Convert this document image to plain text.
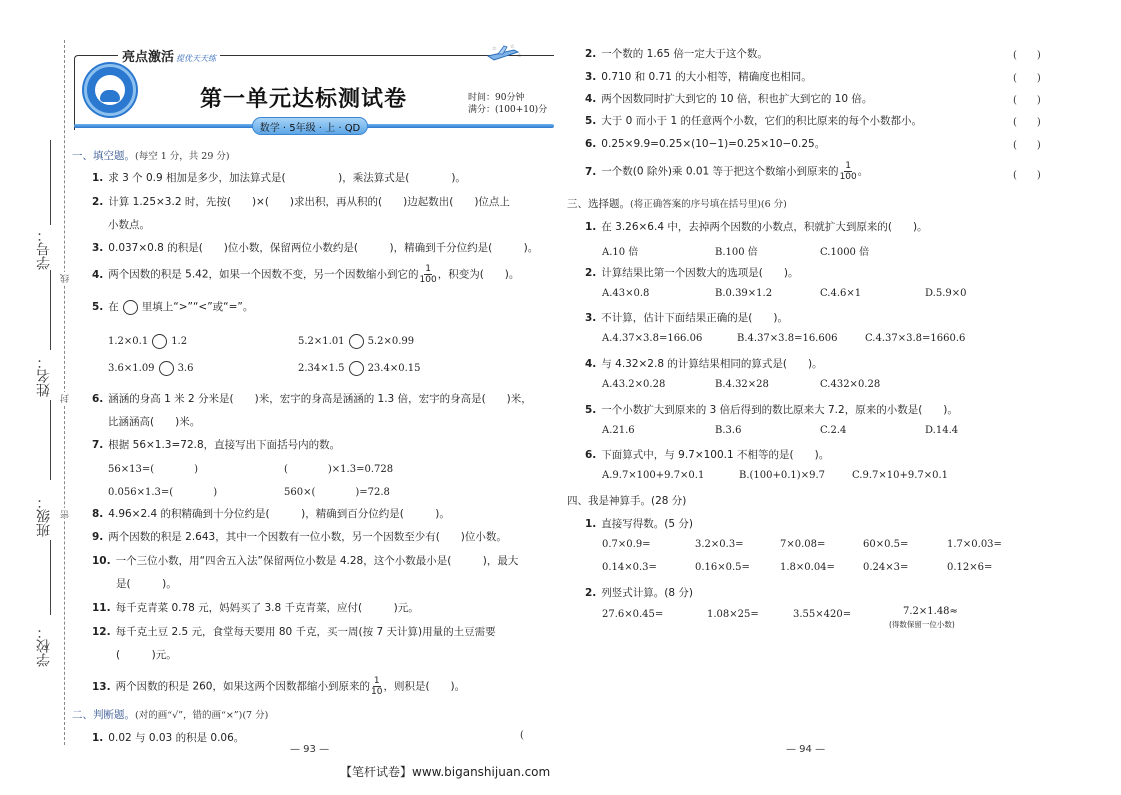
学号：
姓名：
班级：
学校：
线
封
密
亮点激活 提优天天练
☆	☆
☆
第一单元达标测试卷	时间：90分钟
满分：(100+10)分
数学 · 5年级 · 上 · QD
一、填空题。(每空 1 分，共 29 分)
1. 求 3 个 0.9 相加是多少，加法算式是(　　　　　)，乘法算式是(　　　　)。
2. 计算 1.25×3.2 时，先按(　　)×(　　)求出积，再从积的(　　)边起数出(　　)位点上
小数点。
3. 0.037×0.8 的积是(　　)位小数，保留两位小数约是(　　　)，精确到千分位约是(　　　)。
4. 两个因数的积是 5.42，如果一个因数不变，另一个因数缩小到它的 $\frac{1}{100}$ ，积变为(　　)。
5. 在 里填上“>”“<”或“=”。
1.2×0.1 1.2	5.2×1.01 5.2×0.99
3.6×1.09 3.6	2.34×1.5 23.4×0.15
6. 涵涵的身高 1 米 2 分米是(　　)米，宏宇的身高是涵涵的 1.3 倍，宏宇的身高是(　　)米，
比涵涵高(　　)米。
7. 根据 56×1.3=72.8，直接写出下面括号内的数。
56×13=(　　　　)	(　　　　)×1.3=0.728
0.056×1.3=(　　　　)	560×(　　　　)=72.8
8. 4.96×2.4 的积精确到十分位约是(　　　)，精确到百分位约是(　　　)。
9. 两个因数的积是 2.643，其中一个因数有一位小数，另一个因数至少有(　　)位小数。
10. 一个三位小数，用“四舍五入法”保留两位小数是 4.28，这个小数最小是(　　　)，最大
是(　　　)。
11. 每千克青菜 0.78 元，妈妈买了 3.8 千克青菜，应付(　　　)元。
12. 每千克土豆 2.5 元，食堂每天要用 80 千克，买一周(按 7 天计算)用量的土豆需要
(　　　)元。
13. 两个因数的积是 260，如果这两个因数都缩小到原来的 $\frac{1}{10}$ ，则积是(　　)。
二、判断题。(对的画“√”，错的画“×”)(7 分)
1. 0.02 与 0.03 的积是 0.06。	(
2. 一个数的 1.65 倍一定大于这个数。	(　　)
3. 0.710 和 0.71 的大小相等，精确度也相同。	(　　)
4. 两个因数同时扩大到它的 10 倍，积也扩大到它的 10 倍。	(　　)
5. 大于 0 而小于 1 的任意两个小数，它们的积比原来的每个小数都小。	(　　)
6. 0.25×9.9=0.25×(10−1)=0.25×10−0.25。	(　　)
7. 一个数(0 除外)乘 0.01 等于把这个数缩小到原来的 $\frac{1}{100}$ 。	(　　)
三、选择题。(将正确答案的序号填在括号里)(6 分)
1. 在 3.26×6.4 中，去掉两个因数的小数点，积就扩大到原来的(　　)。
A.10 倍	B.100 倍	C.1000 倍
2. 计算结果比第一个因数大的选项是(　　)。
A.43×0.8	B.0.39×1.2	C.4.6×1	D.5.9×0
3. 不计算，估计下面结果正确的是(　　)。
A.4.37×3.8=166.06	B.4.37×3.8=16.606	C.4.37×3.8=1660.6
4. 与 4.32×2.8 的计算结果相同的算式是(　　)。
A.43.2×0.28	B.4.32×28	C.432×0.28
5. 一个小数扩大到原来的 3 倍后得到的数比原来大 7.2，原来的小数是(　　)。
A.21.6	B.3.6	C.2.4	D.14.4
6. 下面算式中，与 9.7×100.1 不相等的是(　　)。
A.9.7×100+9.7×0.1	B.(100+0.1)×9.7	C.9.7×10+9.7×0.1
四、我是神算手。(28 分)
1. 直接写得数。(5 分)
0.7×0.9=	3.2×0.3=	7×0.08=	60×0.5=	1.7×0.03=
0.14×0.3=	0.16×0.5=	1.8×0.04=	0.24×3=	0.12×6=
2. 列竖式计算。(8 分)
27.6×0.45=	1.08×25=	3.55×420=	7.2×1.48≈
(得数保留一位小数)
— 93 —	— 94 —
【笔杆试卷】www.biganshijuan.com
